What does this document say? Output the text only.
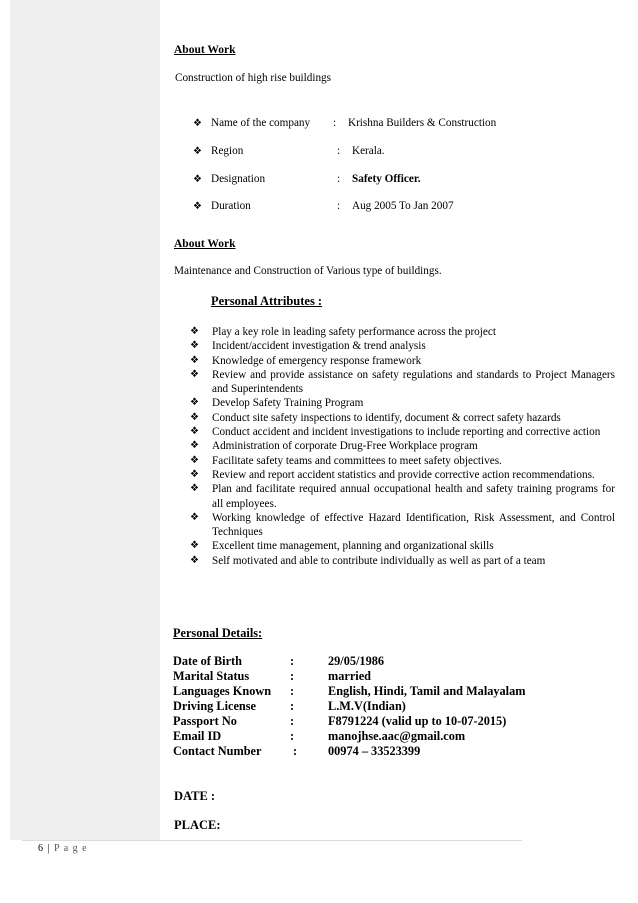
About Work
Construction of high rise buildings
❖ Name of the company : Krishna Builders & Construction
❖ Region	: Kerala.
❖ Designation	: Safety Officer.
❖ Duration	: Aug 2005 To Jan 2007
About Work
Maintenance and Construction of Various type of buildings.
Personal Attributes :
❖ Play a key role in leading safety performance across the project
❖ Incident/accident investigation & trend analysis
❖ Knowledge of emergency response framework
❖ Review and provide assistance on safety regulations and standards to Project Managers and Superintendents
❖ Develop Safety Training Program
❖ Conduct site safety inspections to identify, document & correct safety hazards
❖ Conduct accident and incident investigations to include reporting and corrective action
❖ Administration of corporate Drug-Free Workplace program
❖ Facilitate safety teams and committees to meet safety objectives.
❖ Review and report accident statistics and provide corrective action recommendations.
❖ Plan and facilitate required annual occupational health and safety training programs for all employees.
❖ Working knowledge of effective Hazard Identification, Risk Assessment, and Control Techniques
❖ Excellent time management, planning and organizational skills
❖ Self motivated and able to contribute individually as well as part of a team
Personal Details:
Date of Birth	:	29/05/1986
Marital Status	:	married
Languages Known :	English, Hindi, Tamil and Malayalam
Driving License	:	L.M.V(Indian)
Passport No	:	F8791224 (valid up to 10-07-2015)
Email ID	:	manojhse.aac@gmail.com
Contact Number	:	00974 – 33523399
DATE :
PLACE:
6 | P a g e
